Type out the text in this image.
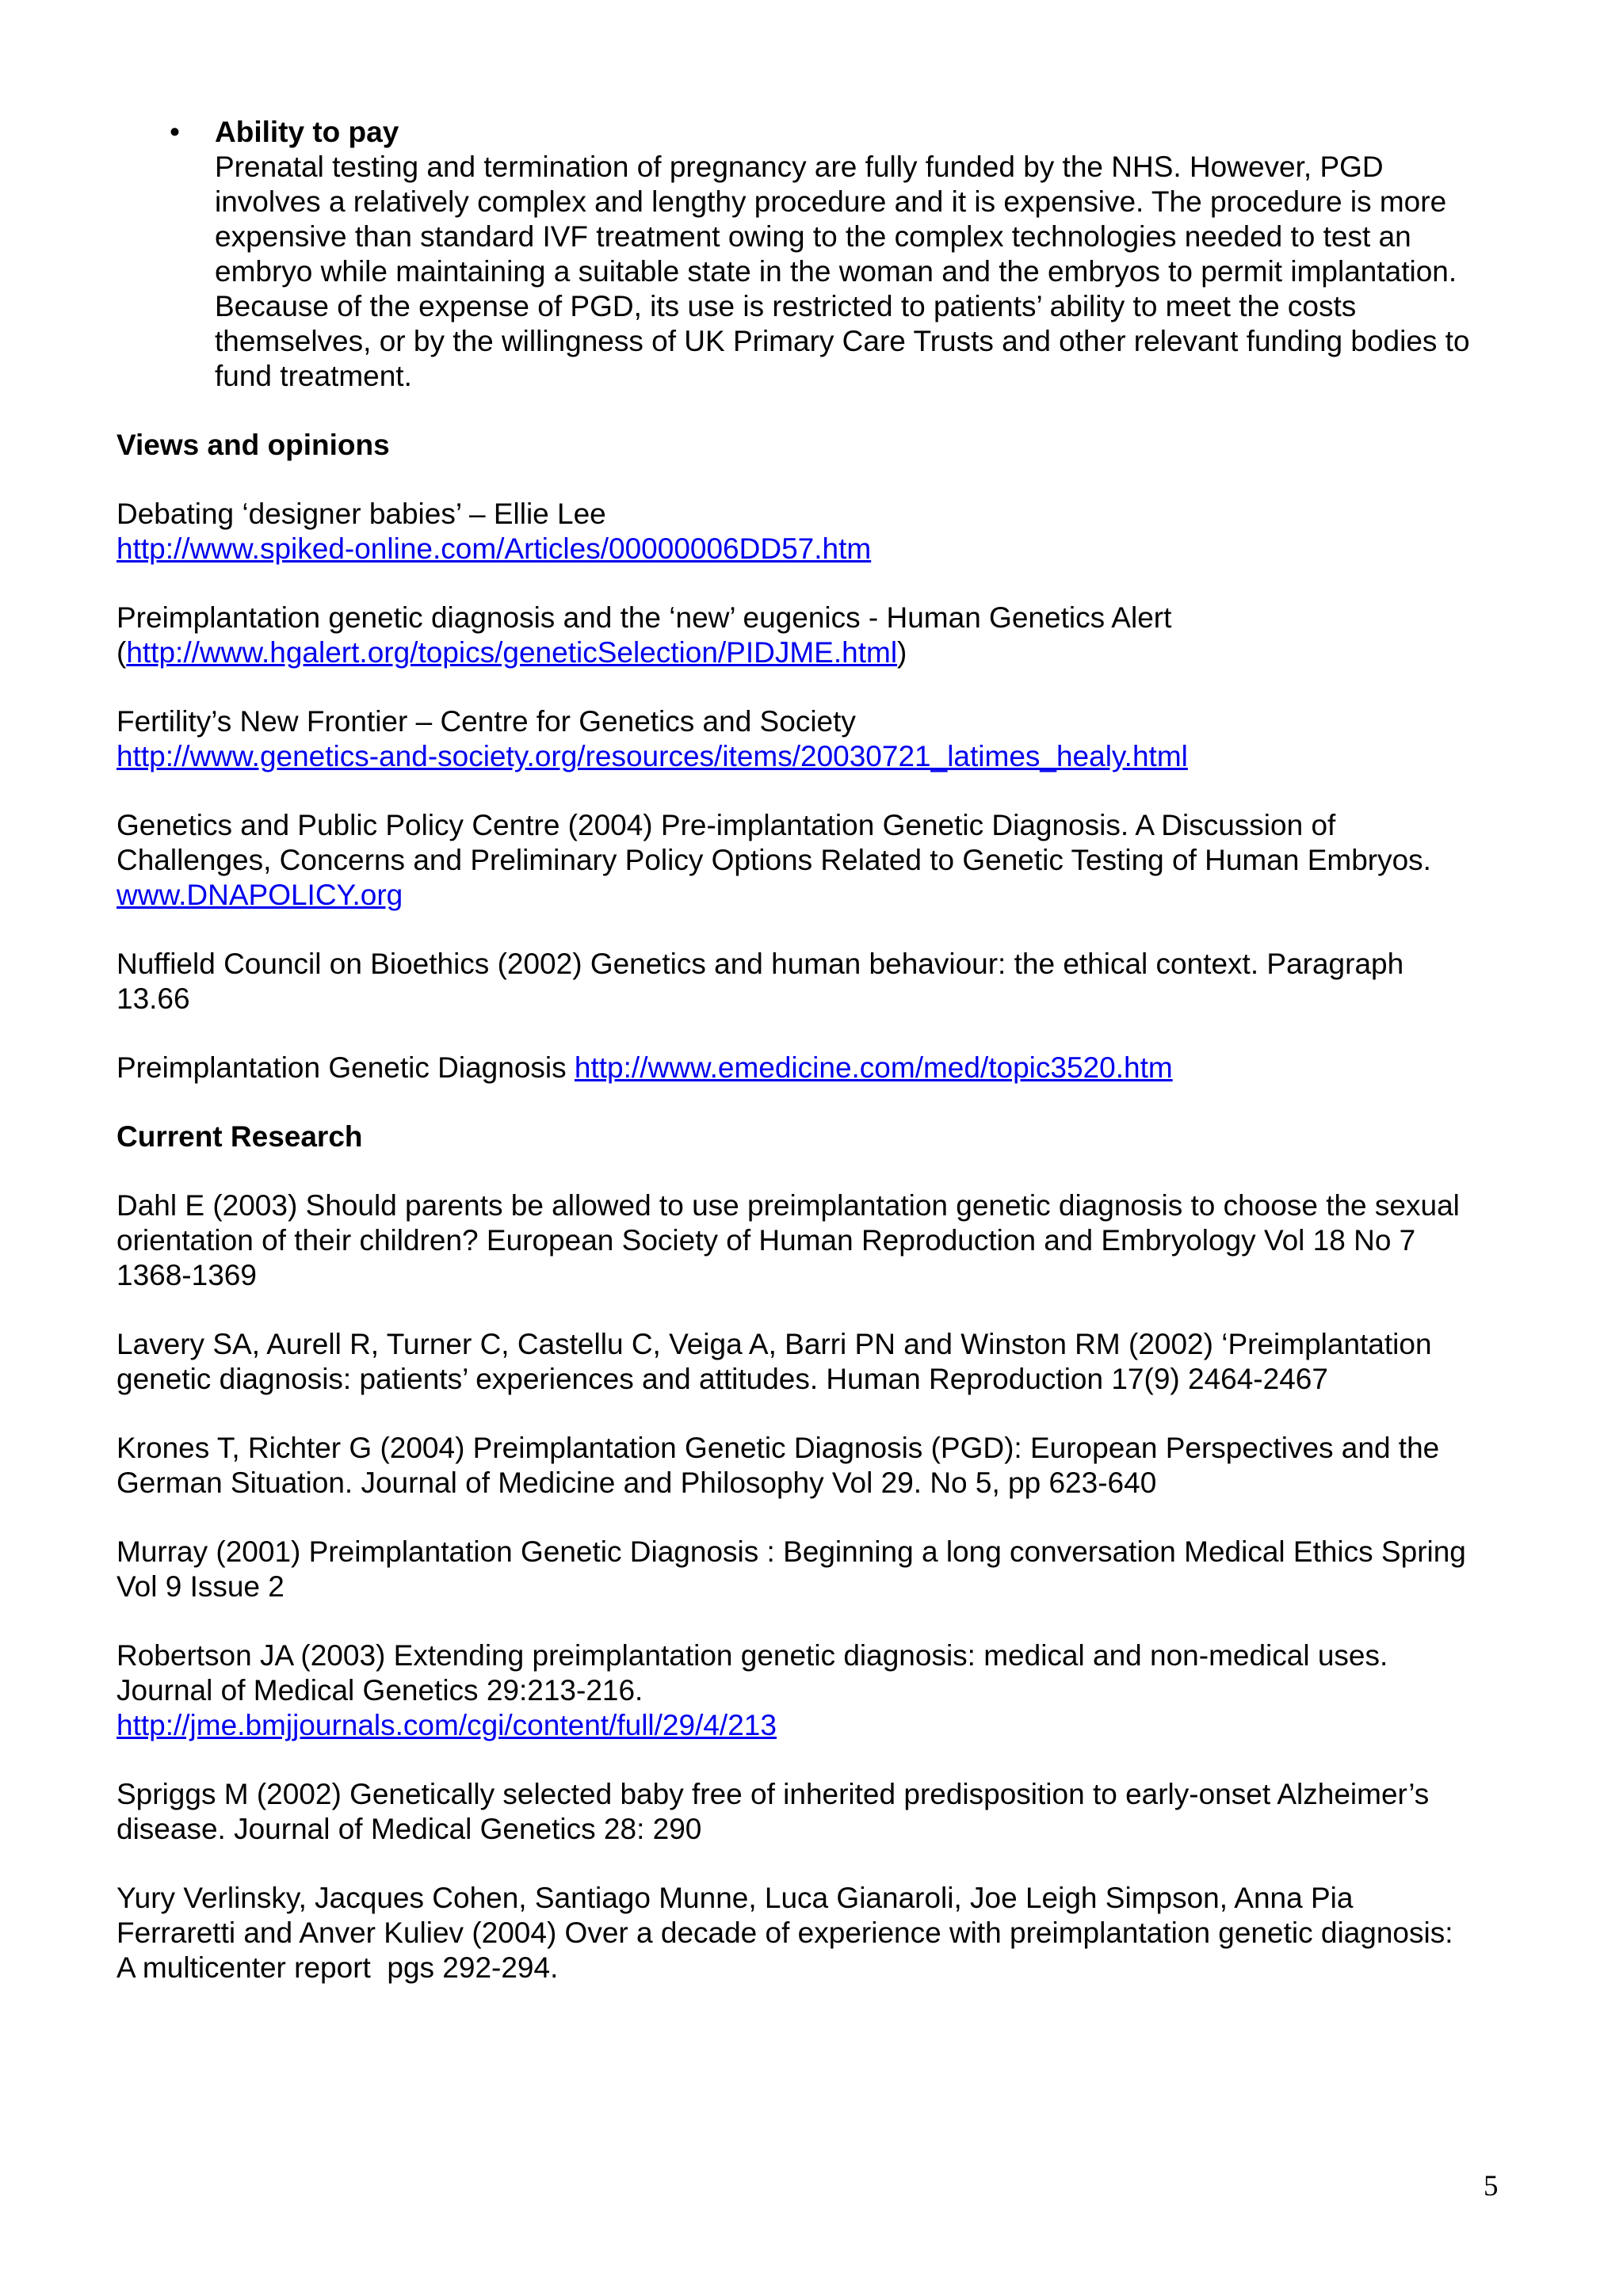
• Ability to pay
Prenatal testing and termination of pregnancy are fully funded by the NHS. However, PGD
involves a relatively complex and lengthy procedure and it is expensive. The procedure is more
expensive than standard IVF treatment owing to the complex technologies needed to test an
embryo while maintaining a suitable state in the woman and the embryos to permit implantation.
Because of the expense of PGD, its use is restricted to patients’ ability to meet the costs
themselves, or by the willingness of UK Primary Care Trusts and other relevant funding bodies to
fund treatment.
Views and opinions
Debating ‘designer babies’ – Ellie Lee
http://www.spiked-online.com/Articles/00000006DD57.htm
Preimplantation genetic diagnosis and the ‘new’ eugenics - Human Genetics Alert
(http://www.hgalert.org/topics/geneticSelection/PIDJME.html)
Fertility’s New Frontier – Centre for Genetics and Society
http://www.genetics-and-society.org/resources/items/20030721_latimes_healy.html
Genetics and Public Policy Centre (2004) Pre-implantation Genetic Diagnosis. A Discussion of
Challenges, Concerns and Preliminary Policy Options Related to Genetic Testing of Human Embryos.
www.DNAPOLICY.org
Nuffield Council on Bioethics (2002) Genetics and human behaviour: the ethical context. Paragraph
13.66
Preimplantation Genetic Diagnosis http://www.emedicine.com/med/topic3520.htm
Current Research
Dahl E (2003) Should parents be allowed to use preimplantation genetic diagnosis to choose the sexual
orientation of their children? European Society of Human Reproduction and Embryology Vol 18 No 7
1368-1369
Lavery SA, Aurell R, Turner C, Castellu C, Veiga A, Barri PN and Winston RM (2002) ‘Preimplantation
genetic diagnosis: patients’ experiences and attitudes. Human Reproduction 17(9) 2464-2467
Krones T, Richter G (2004) Preimplantation Genetic Diagnosis (PGD): European Perspectives and the
German Situation. Journal of Medicine and Philosophy Vol 29. No 5, pp 623-640
Murray (2001) Preimplantation Genetic Diagnosis : Beginning a long conversation Medical Ethics Spring
Vol 9 Issue 2
Robertson JA (2003) Extending preimplantation genetic diagnosis: medical and non-medical uses.
Journal of Medical Genetics 29:213-216.
http://jme.bmjjournals.com/cgi/content/full/29/4/213
Spriggs M (2002) Genetically selected baby free of inherited predisposition to early-onset Alzheimer’s
disease. Journal of Medical Genetics 28: 290
Yury Verlinsky, Jacques Cohen, Santiago Munne, Luca Gianaroli, Joe Leigh Simpson, Anna Pia
Ferraretti and Anver Kuliev (2004) Over a decade of experience with preimplantation genetic diagnosis:
A multicenter report  pgs 292-294.
5
